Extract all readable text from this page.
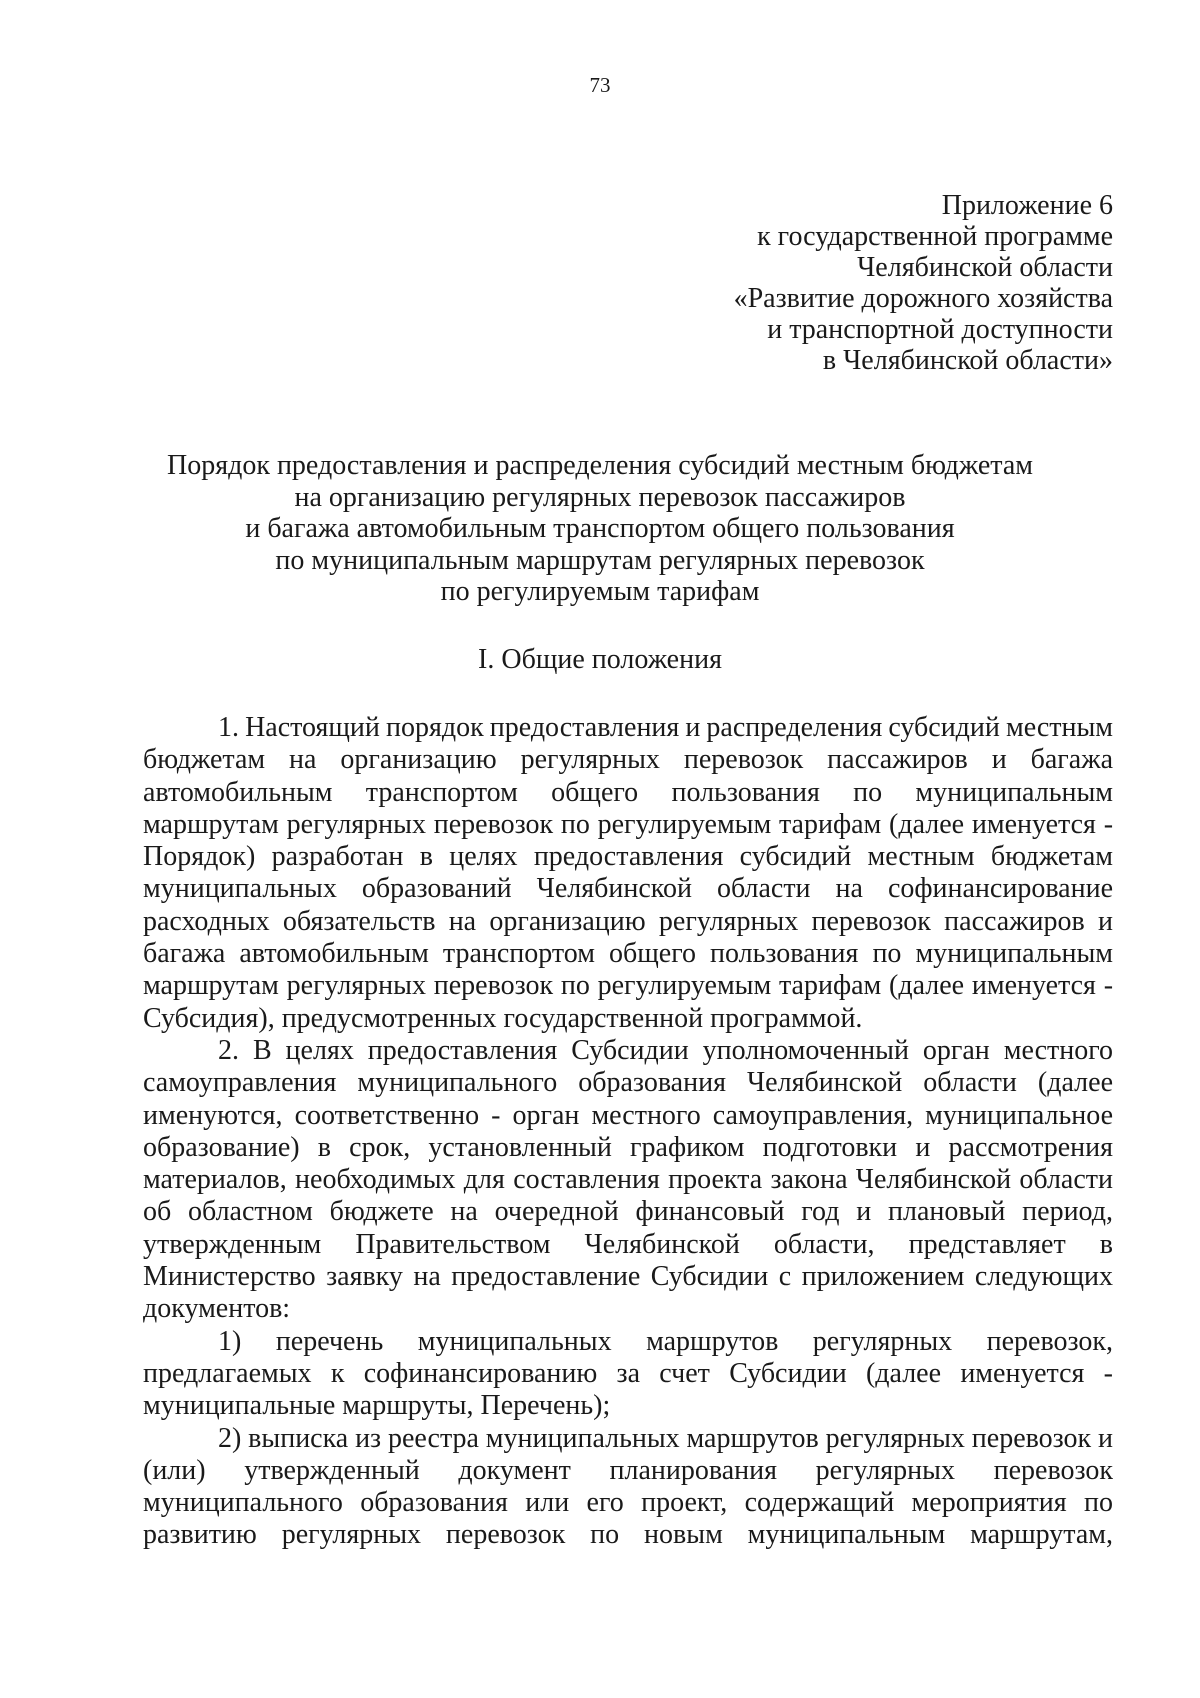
73
Приложение 6
к государственной программе
Челябинской области
«Развитие дорожного хозяйства
и транспортной доступности
в Челябинской области»
Порядок предоставления и распределения субсидий местным бюджетам
на организацию регулярных перевозок пассажиров
и багажа автомобильным транспортом общего пользования
по муниципальным маршрутам регулярных перевозок
по регулируемым тарифам
I. Общие положения
1. Настоящий порядок предоставления и распределения субсидий местным
бюджетам на организацию регулярных перевозок пассажиров и багажа
автомобильным транспортом общего пользования по муниципальным
маршрутам регулярных перевозок по регулируемым тарифам (далее именуется -
Порядок) разработан в целях предоставления субсидий местным бюджетам
муниципальных образований Челябинской области на софинансирование
расходных обязательств на организацию регулярных перевозок пассажиров и
багажа автомобильным транспортом общего пользования по муниципальным
маршрутам регулярных перевозок по регулируемым тарифам (далее именуется -
Субсидия), предусмотренных государственной программой.
2. В целях предоставления Субсидии уполномоченный орган местного
самоуправления муниципального образования Челябинской области (далее
именуются, соответственно - орган местного самоуправления, муниципальное
образование) в срок, установленный графиком подготовки и рассмотрения
материалов, необходимых для составления проекта закона Челябинской области
об областном бюджете на очередной финансовый год и плановый период,
утвержденным Правительством Челябинской области, представляет в
Министерство заявку на предоставление Субсидии с приложением следующих
документов:
1) перечень муниципальных маршрутов регулярных перевозок,
предлагаемых к софинансированию за счет Субсидии (далее именуется -
муниципальные маршруты, Перечень);
2) выписка из реестра муниципальных маршрутов регулярных перевозок и
(или) утвержденный документ планирования регулярных перевозок
муниципального образования или его проект, содержащий мероприятия по
развитию регулярных перевозок по новым муниципальным маршрутам,
